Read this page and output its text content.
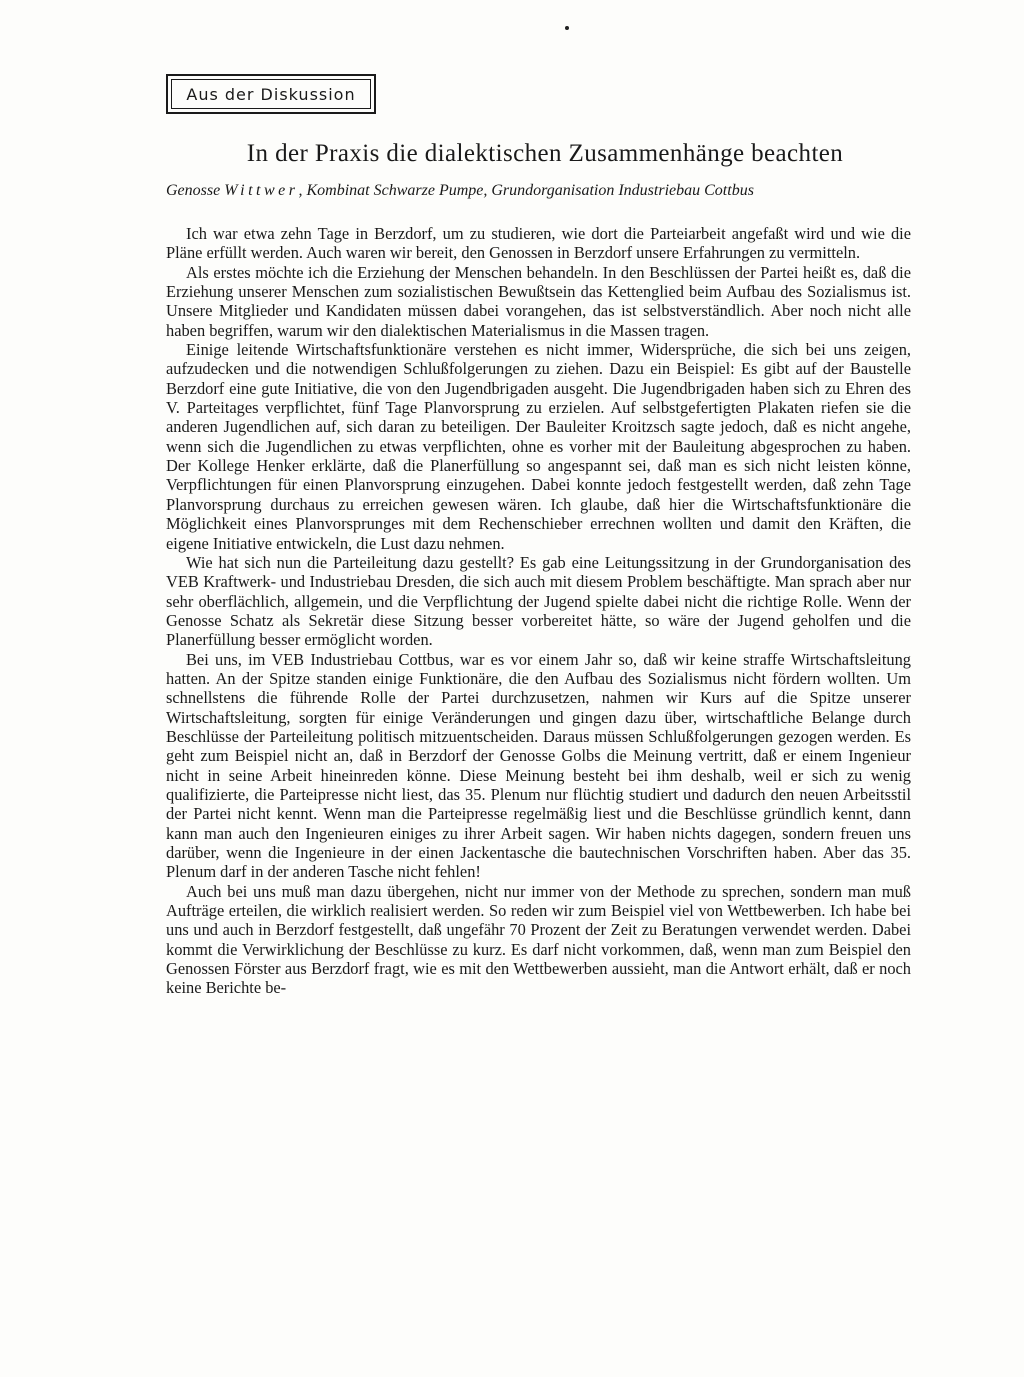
Aus der Diskussion
In der Praxis die dialektischen Zusammenhänge beachten
Genosse Wittwer, Kombinat Schwarze Pumpe, Grundorganisation Industriebau Cottbus

Ich war etwa zehn Tage in Berzdorf, um zu studieren, wie dort die Parteiarbeit angefaßt wird und wie die Pläne erfüllt werden. Auch waren wir bereit, den Genossen in Berzdorf unsere Erfahrungen zu vermitteln.

Als erstes möchte ich die Erziehung der Menschen behandeln. In den Beschlüssen der Partei heißt es, daß die Erziehung unserer Menschen zum sozialistischen Bewußtsein das Kettenglied beim Aufbau des Sozialismus ist. Unsere Mitglieder und Kandidaten müssen dabei vorangehen, das ist selbstverständlich. Aber noch nicht alle haben begriffen, warum wir den dialektischen Materialismus in die Massen tragen.

Einige leitende Wirtschaftsfunktionäre verstehen es nicht immer, Widersprüche, die sich bei uns zeigen, aufzudecken und die notwendigen Schlußfolgerungen zu ziehen. Dazu ein Beispiel: Es gibt auf der Baustelle Berzdorf eine gute Initiative, die von den Jugendbrigaden ausgeht. Die Jugendbrigaden haben sich zu Ehren des V. Parteitages verpflichtet, fünf Tage Planvorsprung zu erzielen. Auf selbstgefertigten Plakaten riefen sie die anderen Jugendlichen auf, sich daran zu beteiligen. Der Bauleiter Kroitzsch sagte jedoch, daß es nicht angehe, wenn sich die Jugendlichen zu etwas verpflichten, ohne es vorher mit der Bauleitung abgesprochen zu haben. Der Kollege Henker erklärte, daß die Planerfüllung so angespannt sei, daß man es sich nicht leisten könne, Verpflichtungen für einen Planvorsprung einzugehen. Dabei konnte jedoch festgestellt werden, daß zehn Tage Planvorsprung durchaus zu erreichen gewesen wären. Ich glaube, daß hier die Wirtschaftsfunktionäre die Möglichkeit eines Planvorsprunges mit dem Rechenschieber errechnen wollten und damit den Kräften, die eigene Initiative entwickeln, die Lust dazu nehmen.

Wie hat sich nun die Parteileitung dazu gestellt? Es gab eine Leitungssitzung in der Grundorganisation des VEB Kraftwerk- und Industriebau Dresden, die sich auch mit diesem Problem beschäftigte. Man sprach aber nur sehr oberflächlich, allgemein, und die Verpflichtung der Jugend spielte dabei nicht die richtige Rolle. Wenn der Genosse Schatz als Sekretär diese Sitzung besser vorbereitet hätte, so wäre der Jugend geholfen und die Planerfüllung besser ermöglicht worden.

Bei uns, im VEB Industriebau Cottbus, war es vor einem Jahr so, daß wir keine straffe Wirtschaftsleitung hatten. An der Spitze standen einige Funktionäre, die den Aufbau des Sozialismus nicht fördern wollten. Um schnellstens die führende Rolle der Partei durchzusetzen, nahmen wir Kurs auf die Spitze unserer Wirtschaftsleitung, sorgten für einige Veränderungen und gingen dazu über, wirtschaftliche Belange durch Beschlüsse der Parteileitung politisch mitzuentscheiden. Daraus müssen Schlußfolgerungen gezogen werden. Es geht zum Beispiel nicht an, daß in Berzdorf der Genosse Golbs die Meinung vertritt, daß er einem Ingenieur nicht in seine Arbeit hineinreden könne. Diese Meinung besteht bei ihm deshalb, weil er sich zu wenig qualifizierte, die Parteipresse nicht liest, das 35. Plenum nur flüchtig studiert und dadurch den neuen Arbeitsstil der Partei nicht kennt. Wenn man die Parteipresse regelmäßig liest und die Beschlüsse gründlich kennt, dann kann man auch den Ingenieuren einiges zu ihrer Arbeit sagen. Wir haben nichts dagegen, sondern freuen uns darüber, wenn die Ingenieure in der einen Jackentasche die bautechnischen Vorschriften haben. Aber das 35. Plenum darf in der anderen Tasche nicht fehlen!

Auch bei uns muß man dazu übergehen, nicht nur immer von der Methode zu sprechen, sondern man muß Aufträge erteilen, die wirklich realisiert werden. So reden wir zum Beispiel viel von Wettbewerben. Ich habe bei uns und auch in Berzdorf festgestellt, daß ungefähr 70 Prozent der Zeit zu Beratungen verwendet werden. Dabei kommt die Verwirklichung der Beschlüsse zu kurz. Es darf nicht vorkommen, daß, wenn man zum Beispiel den Genossen Förster aus Berzdorf fragt, wie es mit den Wettbewerben aussieht, man die Antwort erhält, daß er noch keine Berichte be-
